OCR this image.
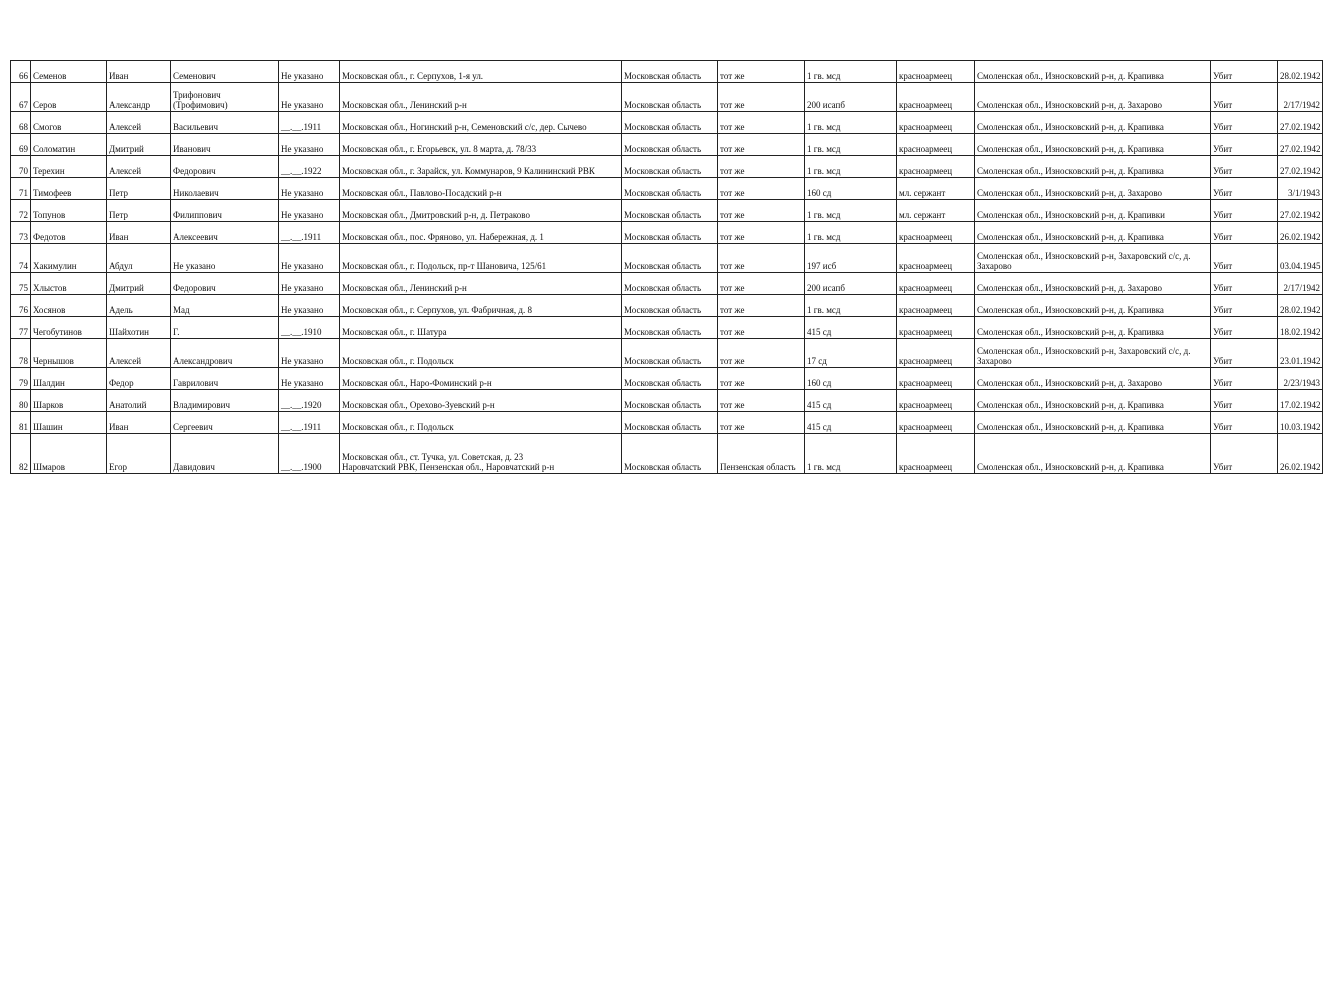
66	Семенов	Иван	Семенович	Не указано	Московская обл., г. Серпухов, 1-я ул.	Московская область	тот же	1 гв. мсд	красноармеец	Смоленская обл., Износковский р-н, д. Крапивка	Убит	28.02.1942
67	Серов	Александр	Трифонович (Трофимович)	Не указано	Московская обл., Ленинский р-н	Московская область	тот же	200 исапб	красноармеец	Смоленская обл., Износковский р-н, д. Захарово	Убит	2/17/1942
68	Смогов	Алексей	Васильевич	__.__.1911	Московская обл., Ногинский р-н, Семеновский с/с, дер. Сычево	Московская область	тот же	1 гв. мсд	красноармеец	Смоленская обл., Износковский р-н, д. Крапивка	Убит	27.02.1942
69	Соломатин	Дмитрий	Иванович	Не указано	Московская обл., г. Егорьевск, ул. 8 марта, д. 78/33	Московская область	тот же	1 гв. мсд	красноармеец	Смоленская обл., Износковский р-н, д. Крапивка	Убит	27.02.1942
70	Терехин	Алексей	Федорович	__.__.1922	Московская обл., г. Зарайск, ул. Коммунаров, 9 Калининский РВК	Московская область	тот же	1 гв. мсд	красноармеец	Смоленская обл., Износковский р-н, д. Крапивка	Убит	27.02.1942
71	Тимофеев	Петр	Николаевич	Не указано	Московская обл., Павлово-Посадский р-н	Московская область	тот же	160 сд	мл. сержант	Смоленская обл., Износковский р-н, д. Захарово	Убит	3/1/1943
72	Топунов	Петр	Филиппович	Не указано	Московская обл., Дмитровский р-н, д. Петраково	Московская область	тот же	1 гв. мсд	мл. сержант	Смоленская обл., Износковский р-н, д. Крапивки	Убит	27.02.1942
73	Федотов	Иван	Алексеевич	__.__.1911	Московская обл., пос. Фряново, ул. Набережная, д. 1	Московская область	тот же	1 гв. мсд	красноармеец	Смоленская обл., Износковский р-н, д. Крапивка	Убит	26.02.1942
74	Хакимулин	Абдул	Не указано	Не указано	Московская обл., г. Подольск, пр-т Шановича, 125/61	Московская область	тот же	197 исб	красноармеец	Смоленская обл., Износковский р-н, Захаровский с/с, д. Захарово	Убит	03.04.1945
75	Хлыстов	Дмитрий	Федорович	Не указано	Московская обл., Ленинский р-н	Московская область	тот же	200 исапб	красноармеец	Смоленская обл., Износковский р-н, д. Захарово	Убит	2/17/1942
76	Хосянов	Адель	Мад	Не указано	Московская обл., г. Серпухов, ул. Фабричная, д. 8	Московская область	тот же	1 гв. мсд	красноармеец	Смоленская обл., Износковский р-н, д. Крапивка	Убит	28.02.1942
77	Чегобутинов	Шайхотин	Г.	__.__.1910	Московская обл., г. Шатура	Московская область	тот же	415 сд	красноармеец	Смоленская обл., Износковский р-н, д. Крапивка	Убит	18.02.1942
78	Чернышов	Алексей	Александрович	Не указано	Московская обл., г. Подольск	Московская область	тот же	17 сд	красноармеец	Смоленская обл., Износковский р-н, Захаровский с/с, д. Захарово	Убит	23.01.1942
79	Шалдин	Федор	Гаврилович	Не указано	Московская обл., Наро-Фоминский р-н	Московская область	тот же	160 сд	красноармеец	Смоленская обл., Износковский р-н, д. Захарово	Убит	2/23/1943
80	Шарков	Анатолий	Владимирович	__.__.1920	Московская обл., Орехово-Зуевский р-н	Московская область	тот же	415 сд	красноармеец	Смоленская обл., Износковский р-н, д. Крапивка	Убит	17.02.1942
81	Шашин	Иван	Сергеевич	__.__.1911	Московская обл., г. Подольск	Московская область	тот же	415 сд	красноармеец	Смоленская обл., Износковский р-н, д. Крапивка	Убит	10.03.1942
82	Шмаров	Егор	Давидович	__.__.1900	Московская обл., ст. Тучка, ул. Советская, д. 23
Наровчатский РВК, Пензенская обл., Наровчатский р-н	Московская область	Пензенская область	1 гв. мсд	красноармеец	Смоленская обл., Износковский р-н, д. Крапивка	Убит	26.02.1942
